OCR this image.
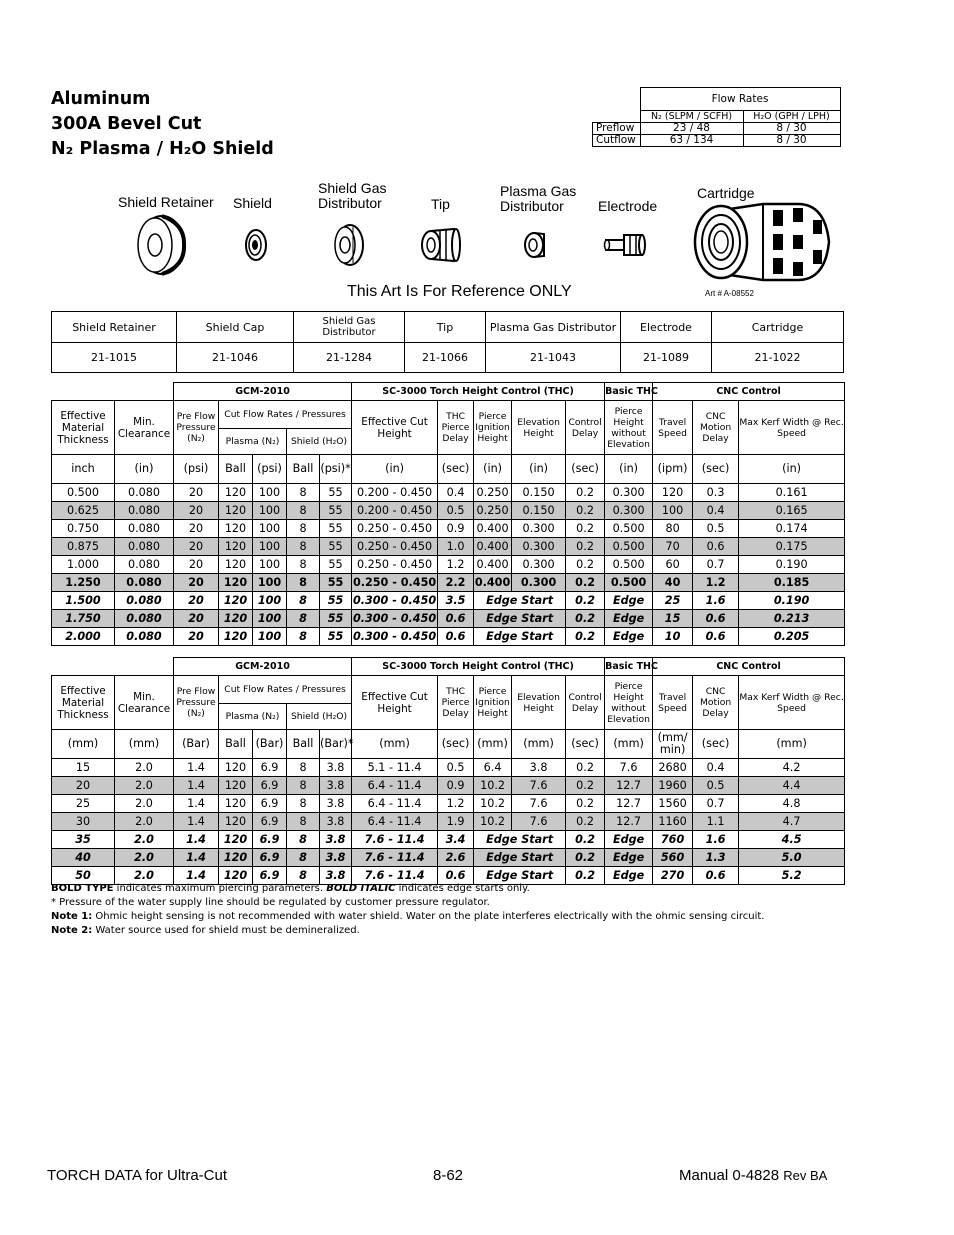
Aluminum
300A Bevel Cut
N₂ Plasma / H₂O Shield
	Flow Rates	
	N₂ (SLPM / SCFH)	H₂O (GPH / LPH)
Preflow	23 / 48	8 / 30
Cutflow	63 / 134	8 / 30
Shield Retainer Shield
Shield Gas Distributor	Tip
Plasma Gas Distributor	Electrode
Cartridge
This Art Is For Reference ONLY	Art # A-08552
Shield Retainer	Shield Cap	Shield Gas Distributor	Tip	Plasma Gas Distributor	Electrode	Cartridge
21-1015	21-1046	21-1284	21-1066	21-1043	21-1089	21-1022
		GCM-2010					SC-3000 Torch Height Control (THC)					Basic THC	CNC Control		
Effective Material Thickness	Min. Clearance	Pre Flow Pressure (N₂)	Cut Flow Rates / Pressures				Effective Cut Height	THC Pierce Delay	Pierce Ignition Height	Elevation Height	Control Delay	Pierce Height without Elevation	Travel Speed	CNC Motion Delay	Max Kerf Width @ Rec. Speed
			Plasma (N₂)		Shield (H₂O)										
inch	(in)	(psi)	Ball	(psi)	Ball	(psi)*	(in)	(sec)	(in)	(in)	(sec)	(in)	(ipm)	(sec)	(in)
0.500	0.080	20	120	100	8	55	0.200 - 0.450	0.4	0.250	0.150	0.2	0.300	120	0.3	0.161
0.625	0.080	20	120	100	8	55	0.200 - 0.450	0.5	0.250	0.150	0.2	0.300	100	0.4	0.165
0.750	0.080	20	120	100	8	55	0.250 - 0.450	0.9	0.400	0.300	0.2	0.500	80	0.5	0.174
0.875	0.080	20	120	100	8	55	0.250 - 0.450	1.0	0.400	0.300	0.2	0.500	70	0.6	0.175
1.000	0.080	20	120	100	8	55	0.250 - 0.450	1.2	0.400	0.300	0.2	0.500	60	0.7	0.190
1.250	0.080	20	120	100	8	55	0.250 - 0.450	2.2	0.400	0.300	0.2	0.500	40	1.2	0.185
1.500	0.080	20	120	100	8	55	0.300 - 0.450	3.5	Edge Start		0.2	Edge	25	1.6	0.190
1.750	0.080	20	120	100	8	55	0.300 - 0.450	0.6	Edge Start		0.2	Edge	15	0.6	0.213
2.000	0.080	20	120	100	8	55	0.300 - 0.450	0.6	Edge Start		0.2	Edge	10	0.6	0.205
		GCM-2010					SC-3000 Torch Height Control (THC)					Basic THC	CNC Control		
Effective Material Thickness	Min. Clearance	Pre Flow Pressure (N₂)	Cut Flow Rates / Pressures				Effective Cut Height	THC Pierce Delay	Pierce Ignition Height	Elevation Height	Control Delay	Pierce Height without Elevation	Travel Speed	CNC Motion Delay	Max Kerf Width @ Rec. Speed
			Plasma (N₂)		Shield (H₂O)										
(mm)	(mm)	(Bar)	Ball	(Bar)	Ball	(Bar)*	(mm)	(sec)	(mm)	(mm)	(sec)	(mm)	(mm/ min)	(sec)	(mm)
15	2.0	1.4	120	6.9	8	3.8	5.1 - 11.4	0.5	6.4	3.8	0.2	7.6	2680	0.4	4.2
20	2.0	1.4	120	6.9	8	3.8	6.4 - 11.4	0.9	10.2	7.6	0.2	12.7	1960	0.5	4.4
25	2.0	1.4	120	6.9	8	3.8	6.4 - 11.4	1.2	10.2	7.6	0.2	12.7	1560	0.7	4.8
30	2.0	1.4	120	6.9	8	3.8	6.4 - 11.4	1.9	10.2	7.6	0.2	12.7	1160	1.1	4.7
35	2.0	1.4	120	6.9	8	3.8	7.6 - 11.4	3.4	Edge Start		0.2	Edge	760	1.6	4.5
40	2.0	1.4	120	6.9	8	3.8	7.6 - 11.4	2.6	Edge Start		0.2	Edge	560	1.3	5.0
50	2.0	1.4	120	6.9	8	3.8	7.6 - 11.4	0.6	Edge Start		0.2	Edge	270	0.6	5.2
BOLD TYPE indicates maximum piercing parameters. BOLD ITALIC indicates edge starts only.
* Pressure of the water supply line should be regulated by customer pressure regulator.
Note 1: Ohmic height sensing is not recommended with water shield. Water on the plate interferes electrically with the ohmic sensing circuit.
Note 2: Water source used for shield must be demineralized.
TORCH DATA for Ultra-Cut	8-62	Manual 0-4828 Rev BA
